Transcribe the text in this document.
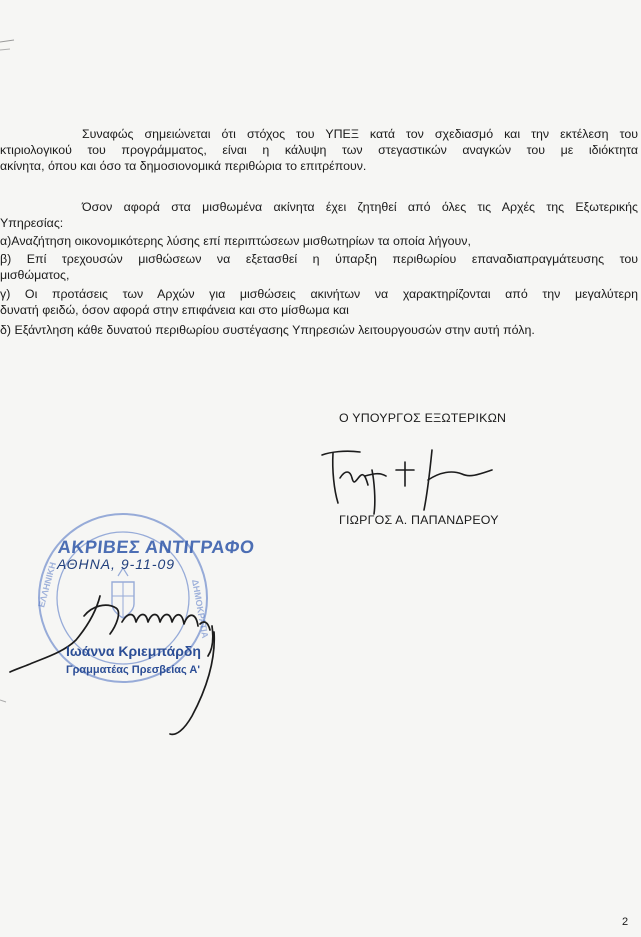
Συναφώς σημειώνεται ότι στόχος του ΥΠΕΞ κατά τον σχεδιασμό και την εκτέλεση του
κτιριολογικού του προγράμματος, είναι η κάλυψη των στεγαστικών αναγκών του με ιδιόκτητα
ακίνητα, όπου και όσο τα δημοσιονομικά περιθώρια το επιτρέπουν.
Όσον αφορά στα μισθωμένα ακίνητα έχει ζητηθεί από όλες τις Αρχές της Εξωτερικής
Υπηρεσίας:
α)Αναζήτηση οικονομικότερης λύσης επί περιπτώσεων μισθωτηρίων τα οποία λήγουν,
β) Επί τρεχουσών μισθώσεων να εξετασθεί η ύπαρξη περιθωρίου επαναδιαπραγμάτευσης του
μισθώματος,
γ) Οι προτάσεις των Αρχών για μισθώσεις ακινήτων να χαρακτηρίζονται από την μεγαλύτερη
δυνατή φειδώ, όσον αφορά στην επιφάνεια και στο μίσθωμα και
δ) Εξάντληση κάθε δυνατού περιθωρίου συστέγασης Υπηρεσιών λειτουργουσών στην αυτή πόλη.
Ο ΥΠΟΥΡΓΟΣ ΕΞΩΤΕΡΙΚΩΝ
ΓΙΩΡΓΟΣ Α. ΠΑΠΑΝΔΡΕΟΥ
ΕΛΛΗΝΙΚΗ	ΔΗΜΟΚΡΑΤΙΑ
ΑΚΡΙΒΕΣ ΑΝΤΙΓΡΑΦΟ
ΑΘΗΝΑ, 9-11-09
Ιωάννα Κριεμπάρδη
Γραμματέας Πρεσβείας Α'
2
